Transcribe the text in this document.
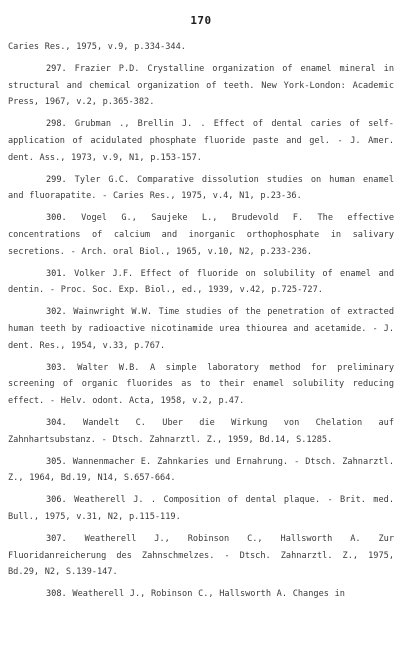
170

Caries Res., 1975, v.9, p.334-344.

297. Frazier P.D. Crystalline organization of enamel mineral in structural and chemical organization of teeth. New York-London: Academic Press, 1967, v.2, p.365-382.

298. Grubman ., Brellin J. . Effect of dental caries of self-application of acidulated phosphate fluoride paste and gel. - J. Amer. dent. Ass., 1973, v.9, N1, p.153-157.

299. Tyler G.C. Comparative dissolution studies on human enamel and fluorapatite. - Caries Res., 1975, v.4, N1, p.23-36.

300. Vogel G., Saujeke L., Brudevold F. The effective concentrations of calcium and inorganic orthophosphate in salivary secretions. - Arch. oral Biol., 1965, v.10, N2, p.233-236.

301. Volker J.F. Effect of fluoride on solubility of enamel and dentin. - Proc. Soc. Exp. Biol., ed., 1939, v.42, p.725-727.

302. Wainwright W.W. Time studies of the penetration of extracted human teeth by radioactive nicotinamide urea thiourea and acetamide. - J. dent. Res., 1954, v.33, p.767.

303. Walter W.B. A simple laboratory method for preliminary screening of organic fluorides as to their enamel solubility reducing effect. - Helv. odont. Acta, 1958, v.2, p.47.

304. Wandelt C. Uber die Wirkung von Chelation auf Zahnhartsubstanz. - Dtsch. Zahnarztl. Z., 1959, Bd.14, S.1285.

305. Wannenmacher E. Zahnkaries und Ernahrung. - Dtsch. Zahnarztl. Z., 1964, Bd.19, N14, S.657-664.

306. Weatherell J. . Composition of dental plaque. - Brit. med. Bull., 1975, v.31, N2, p.115-119.

307. Weatherell J., Robinson C., Hallsworth A. Zur Fluoridanreicherung des Zahnschmelzes. - Dtsch. Zahnarztl. Z., 1975, Bd.29, N2, S.139-147.

308. Weatherell J., Robinson C., Hallsworth A. Changes in
